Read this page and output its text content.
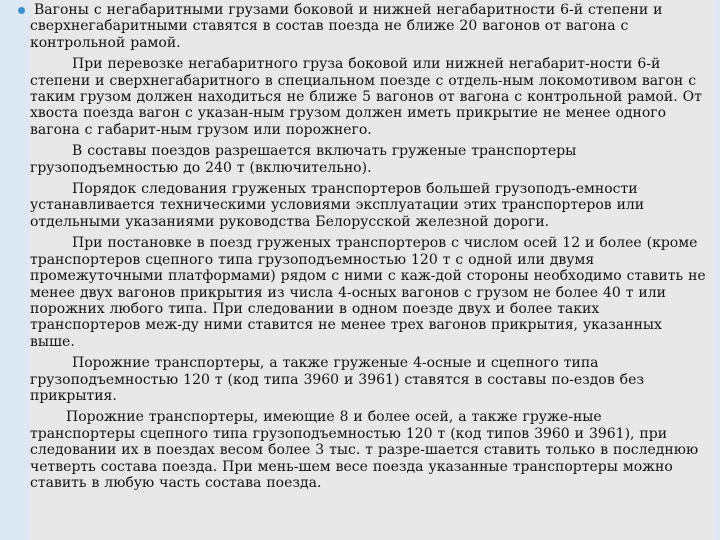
Вагоны с негабаритными грузами боковой и нижней негабаритности 6-й степени и сверхнегабаритными ставятся в состав поезда не ближе 20 вагонов от вагона с контрольной рамой.

При перевозке негабаритного груза боковой или нижней негабарит-ности 6-й степени и сверхнегабаритного в специальном поезде с отдель-ным локомотивом вагон с таким грузом должен находиться не ближе 5 вагонов от вагона с контрольной рамой. От хвоста поезда вагон с указан-ным грузом должен иметь прикрытие не менее одного вагона с габарит-ным грузом или порожнего.

В составы поездов разрешается включать груженые транспортеры грузоподъемностью до 240 т (включительно).

Порядок следования груженых транспортеров большей грузоподъ-емности устанавливается техническими условиями эксплуатации этих транспортеров или отдельными указаниями руководства Белорусской железной дороги.

При постановке в поезд груженых транспортеров с числом осей 12 и более (кроме транспортеров сцепного типа грузоподъемностью 120 т с одной или двумя промежуточными платформами) рядом с ними с каж-дой стороны необходимо ставить не менее двух вагонов прикрытия из числа 4-осных вагонов с грузом не более 40 т или порожних любого типа. При следовании в одном поезде двух и более таких транспортеров меж-ду ними ставится не менее трех вагонов прикрытия, указанных выше.

Порожние транспортеры, а также груженые 4-осные и сцепного типа грузоподъемностью 120 т (код типа 3960 и 3961) ставятся в составы по-ездов без прикрытия.

Порожние транспортеры, имеющие 8 и более осей, а также груже-ные транспортеры сцепного типа грузоподъемностью 120 т (код типов 3960 и 3961), при следовании их в поездах весом более 3 тыс. т разре-шается ставить только в последнюю четверть состава поезда. При мень-шем весе поезда указанные транспортеры можно ставить в любую часть состава поезда.
